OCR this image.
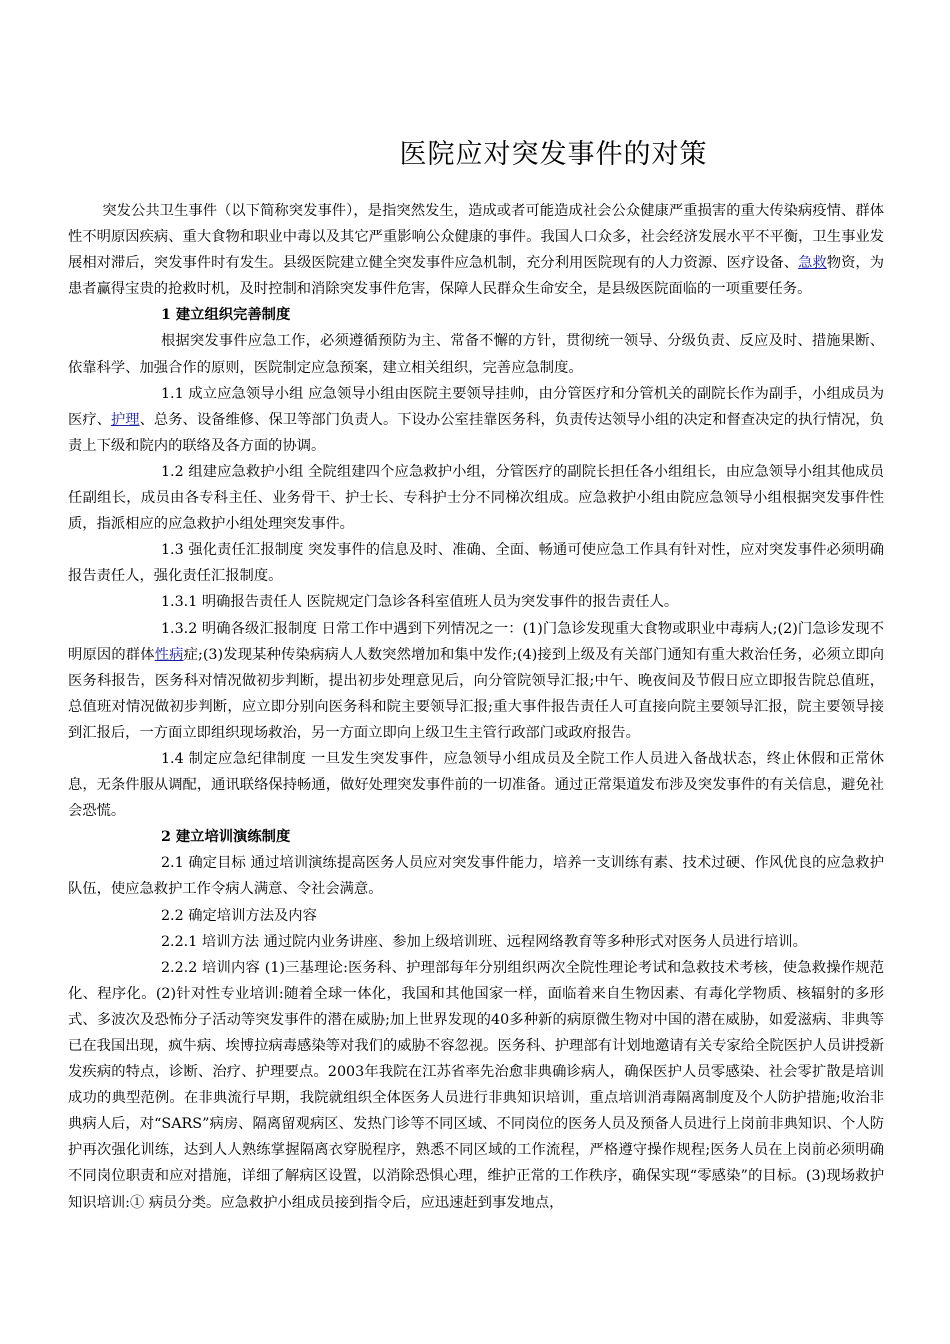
医院应对突发事件的对策

突发公共卫生事件（以下简称突发事件），是指突然发生，造成或者可能造成社会公众健康严重损害的重大传染病疫情、群体性不明原因疾病、重大食物和职业中毒以及其它严重影响公众健康的事件。我国人口众多，社会经济发展水平不平衡，卫生事业发展相对滞后，突发事件时有发生。县级医院建立健全突发事件应急机制，充分利用医院现有的人力资源、医疗设备、急救物资，为患者赢得宝贵的抢救时机，及时控制和消除突发事件危害，保障人民群众生命安全，是县级医院面临的一项重要任务。

1 建立组织完善制度

根据突发事件应急工作，必须遵循预防为主、常备不懈的方针，贯彻统一领导、分级负责、反应及时、措施果断、依靠科学、加强合作的原则，医院制定应急预案，建立相关组织，完善应急制度。

1.1 成立应急领导小组 应急领导小组由医院主要领导挂帅，由分管医疗和分管机关的副院长作为副手，小组成员为医疗、护理、总务、设备维修、保卫等部门负责人。下设办公室挂靠医务科，负责传达领导小组的决定和督查决定的执行情况，负责上下级和院内的联络及各方面的协调。

1.2 组建应急救护小组 全院组建四个应急救护小组，分管医疗的副院长担任各小组组长，由应急领导小组其他成员任副组长，成员由各专科主任、业务骨干、护士长、专科护士分不同梯次组成。应急救护小组由院应急领导小组根据突发事件性质，指派相应的应急救护小组处理突发事件。

1.3 强化责任汇报制度 突发事件的信息及时、准确、全面、畅通可使应急工作具有针对性，应对突发事件必须明确报告责任人，强化责任汇报制度。

1.3.1 明确报告责任人 医院规定门急诊各科室值班人员为突发事件的报告责任人。

1.3.2 明确各级汇报制度 日常工作中遇到下列情况之一：(1)门急诊发现重大食物或职业中毒病人;(2)门急诊发现不明原因的群体性病症;(3)发现某种传染病病人人数突然增加和集中发作;(4)接到上级及有关部门通知有重大救治任务，必须立即向医务科报告，医务科对情况做初步判断，提出初步处理意见后，向分管院领导汇报;中午、晚夜间及节假日应立即报告院总值班，总值班对情况做初步判断，应立即分别向医务科和院主要领导汇报;重大事件报告责任人可直接向院主要领导汇报，院主要领导接到汇报后，一方面立即组织现场救治，另一方面立即向上级卫生主管行政部门或政府报告。

1.4 制定应急纪律制度 一旦发生突发事件，应急领导小组成员及全院工作人员进入备战状态，终止休假和正常休息，无条件服从调配，通讯联络保持畅通，做好处理突发事件前的一切准备。通过正常渠道发布涉及突发事件的有关信息，避免社会恐慌。

2 建立培训演练制度

2.1 确定目标 通过培训演练提高医务人员应对突发事件能力，培养一支训练有素、技术过硬、作风优良的应急救护队伍，使应急救护工作令病人满意、令社会满意。

2.2 确定培训方法及内容

2.2.1 培训方法 通过院内业务讲座、参加上级培训班、远程网络教育等多种形式对医务人员进行培训。

2.2.2 培训内容 (1)三基理论:医务科、护理部每年分别组织两次全院性理论考试和急救技术考核，使急救操作规范化、程序化。(2)针对性专业培训:随着全球一体化，我国和其他国家一样，面临着来自生物因素、有毒化学物质、核辐射的多形式、多波次及恐怖分子活动等突发事件的潜在威胁;加上世界发现的40多种新的病原微生物对中国的潜在威胁，如爱滋病、非典等已在我国出现，疯牛病、埃博拉病毒感染等对我们的威胁不容忽视。医务科、护理部有计划地邀请有关专家给全院医护人员讲授新发疾病的特点，诊断、治疗、护理要点。2003年我院在江苏省率先治愈非典确诊病人，确保医护人员零感染、社会零扩散是培训成功的典型范例。在非典流行早期，我院就组织全体医务人员进行非典知识培训，重点培训消毒隔离制度及个人防护措施;收治非典病人后，对“SARS”病房、隔离留观病区、发热门诊等不同区域、不同岗位的医务人员及预备人员进行上岗前非典知识、个人防护再次强化训练，达到人人熟练掌握隔离衣穿脱程序，熟悉不同区域的工作流程，严格遵守操作规程;医务人员在上岗前必须明确不同岗位职责和应对措施，详细了解病区设置，以消除恐惧心理，维护正常的工作秩序，确保实现“零感染”的目标。(3)现场救护知识培训:① 病员分类。应急救护小组成员接到指令后，应迅速赶到事发地点，
